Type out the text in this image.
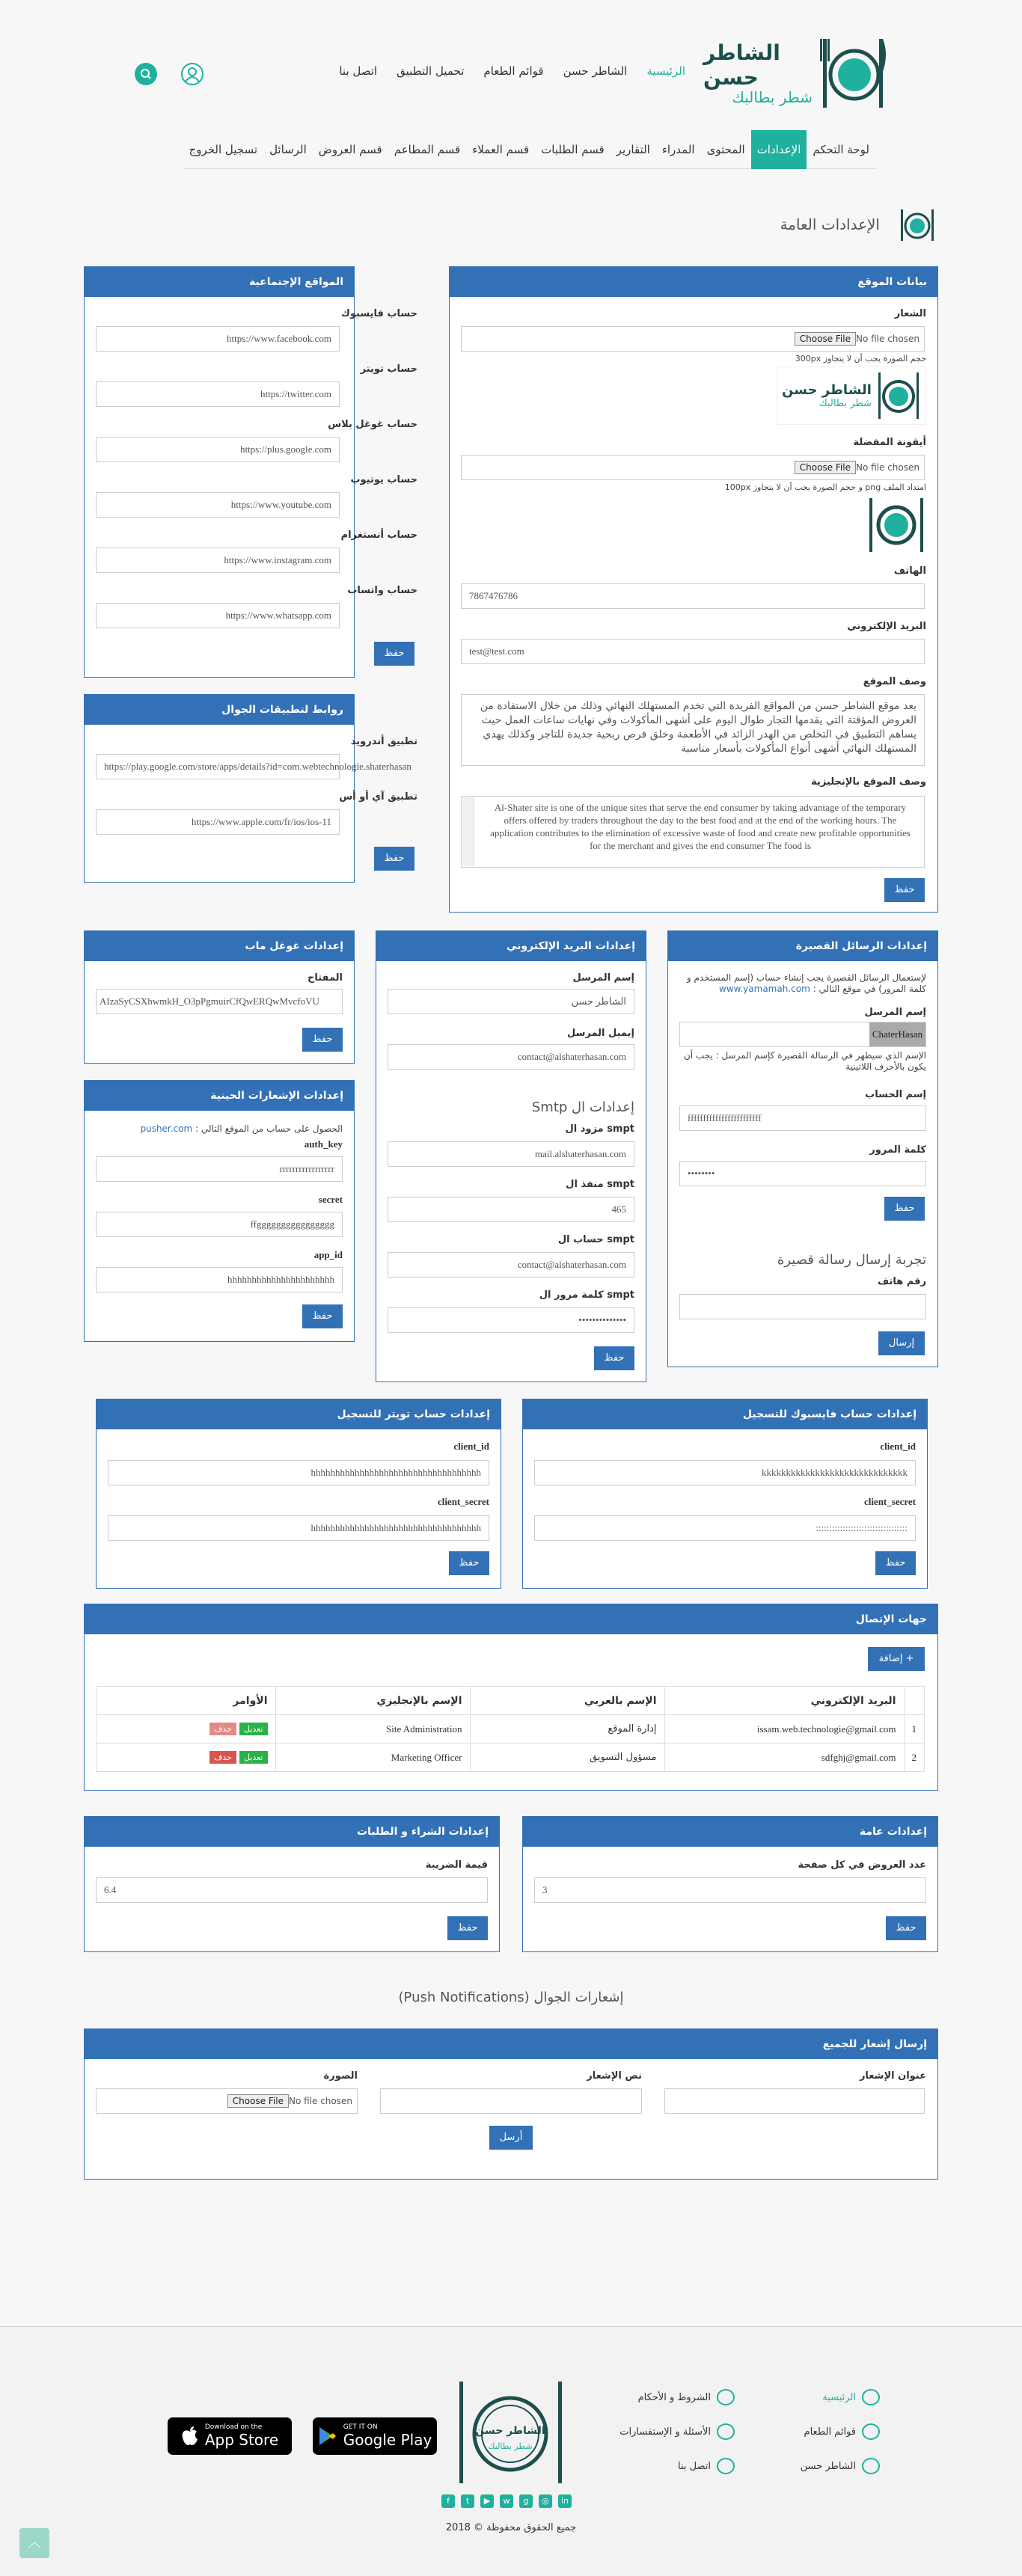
الشاطر حسن
شطر بطالبك
الرئيسية
الشاطر حسن
قوائم الطعام
تحميل التطبيق
اتصل بنا
لوحة التحكم
الإعدادات
المحتوى
المدراء
التقارير
قسم الطلبات
قسم العملاء
قسم المطاعم
قسم العروض
الرسائل
تسجيل الخروج
الإعدادات العامة
بيانات الموقع
الشعار
Choose File No file chosen
حجم الصورة يجب أن لا يتجاوز 300px
الشاطر حسن
شطر بطالبك
أيقونة المفضلة
Choose File No file chosen
امتداد الملف png و حجم الصورة يجب أن لا يتجاوز 100px
الهاتف
7867476786
البريد الإلكتروني
test@test.com
وصف الموقع
يعد موقع الشاطر حسن من المواقع الفريدة التي تخدم المستهلك النهائي وذلك من خلال الاستفادة من العروض المؤقتة التي يقدمها التجار طوال اليوم على أشهى المأكولات وفي نهايات ساعات العمل حيث يساهم التطبيق في التخلص من الهدر الزائد في الأطعمة وخلق فرص ربحية جديدة للتاجر وكذلك يهدي المستهلك النهائي أشهى أنواع المأكولات بأسعار مناسبة
وصف الموقع بالإنجليزية
Al-Shater site is one of the unique sites that serve the end consumer by taking advantage of the temporary offers offered by traders throughout the day to the best food and at the end of the working hours. The application contributes to the elimination of excessive waste of food and create new profitable opportunities for the merchant and gives the end consumer The food is
حفظ
المواقع الإجتماعية
حساب فايسبوك
https://www.facebook.com
حساب تويتر
https://twitter.com
حساب غوغل بلاس
https://plus.google.com
حساب يوتيوب
https://www.youtube.com
حساب أنستغرام
https://www.instagram.com
حساب واتساب
https://www.whatsapp.com
حفظ
روابط لتطبيقات الجوال
تطبيق أندرويد
https://play.google.com/store/apps/details?id=com.webtechnologie.shaterhasan
تطبيق آي أو أس
https://www.apple.com/fr/ios/ios-11
حفظ
إعدادات الرسائل القصيرة
لإستعمال الرسائل القصيرة يجب إنشاء حساب (إسم المستخدم و كلمة المرور) في موقع التالي : www.yamamah.com
إسم المرسل
ChaterHasan
الإسم الذي سيظهر في الرسالة القصيرة كإسم المرسل : يجب أن يكون بالأحرف اللاتينية
إسم الحساب
ffffffffffffffffffffffff
كلمة المرور
••••••••
حفظ
تجربة إرسال رسالة قصيرة
رقم هاتف
إرسال
إعدادات البريد الإلكتروني
إسم المرسل
الشاطر حسن
إيميل المرسل
contact@alshaterhasan.com
إعدادات ال Smtp
smpt مزود ال
mail.alshaterhasan.com
smpt منفذ ال
465
smpt حساب ال
contact@alshaterhasan.com
smpt كلمة مرور ال
••••••••••••••
حفظ
إعدادات غوغل ماب
المفتاح
AIzaSyCSXhwmkH_O3pPgmuirCfQwERQwMvcfoVU
حفظ
إعدادات الإشعارات الحينية
الحصول على حساب من الموقع التالي : pusher.com
auth_key
rrrrrrrrrrrrrrrrr
secret
ffgggggggggggggggg
app_id
hhhhhhhhhhhhhhhhhhhhhh
حفظ
إعدادات حساب فايسبوك للتسجيل
client_id
kkkkkkkkkkkkkkkkkkkkkkkkkkkkkk
client_secret
::::::::::::::::::::::::::::::::::
حفظ
إعدادات حساب تويتر للتسجيل
client_id
hhhhhhhhhhhhhhhhhhhhhhhhhhhhhhhhhhh
client_secret
hhhhhhhhhhhhhhhhhhhhhhhhhhhhhhhhhhh
حفظ
جهات الإتصال
+ إضافة
	البريد الإلكتروني	الإسم بالعربي	الإسم بالإنجليزي	الأوامر
1	issam.web.technologie@gmail.com	إدارة الموقع	Site Administration	تعديلحذف
2	sdfghj@gmail.com	مسؤول التسويق	Marketing Officer	تعديلحذف
إعدادات عامة
عدد العروض في كل صفحة
3
حفظ
إعدادات الشراء و الطلبات
قيمة الضريبة
6.4
حفظ
إشعارات الجوال (Push Notifications)
إرسال إشعار للجميع
عنوان الإشعار
نص الإشعار
الصورة
Choose File No file chosen
أرسل
الرئيسية
قوائم الطعام
الشاطر حسن
الشروط و الأحكام
الأسئلة و الإستفسارات
اتصل بنا
الشاطر حسن
شطر بطالبك
f	t	▶	w	g	◎	in
جميع الحقوق محفوظة © 2018
GET IT ON
Google Play
Download on the
App Store
︿
